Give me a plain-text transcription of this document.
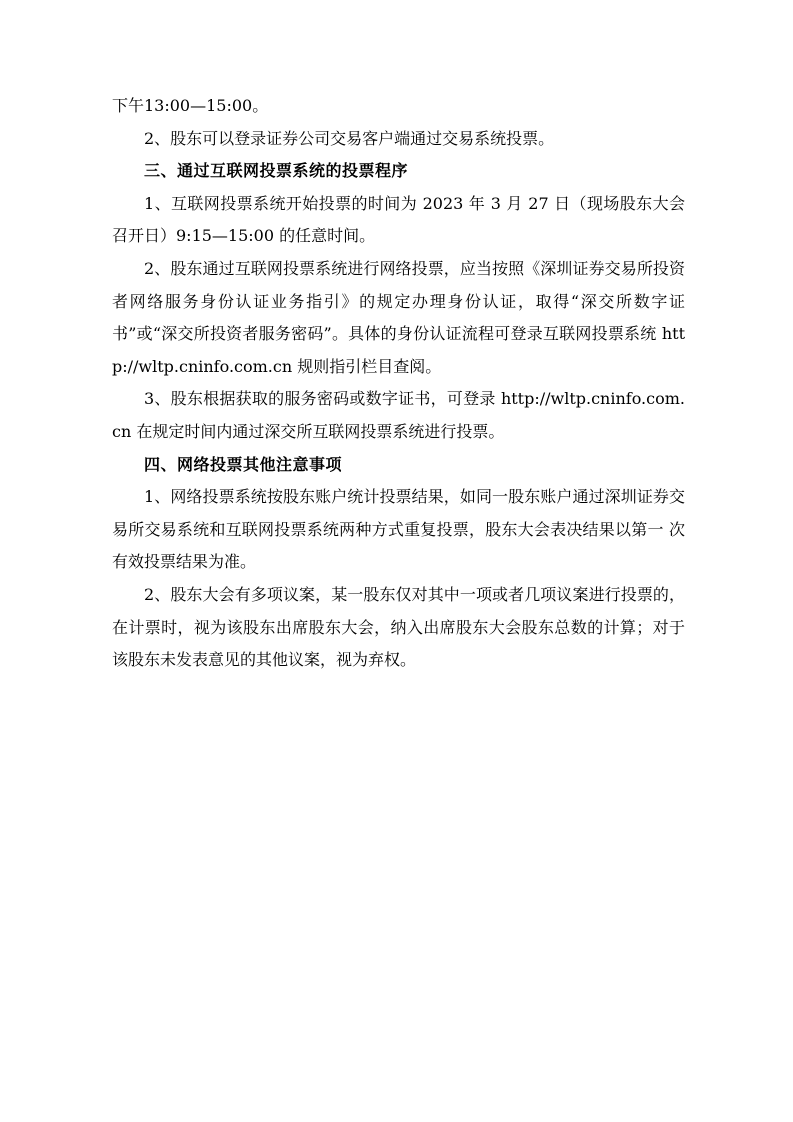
下午13:00—15:00。

2、股东可以登录证券公司交易客户端通过交易系统投票。

三、通过互联网投票系统的投票程序

1、互联网投票系统开始投票的时间为 2023 年 3 月 27 日（现场股东大会召开日）9:15—15:00 的任意时间。

2、股东通过互联网投票系统进行网络投票，应当按照《深圳证券交易所投资者网络服务身份认证业务指引》的规定办理身份认证，取得“深交所数字证书”或“深交所投资者服务密码”。具体的身份认证流程可登录互联网投票系统 http://wltp.cninfo.com.cn 规则指引栏目查阅。

3、股东根据获取的服务密码或数字证书，可登录 http://wltp.cninfo.com.cn 在规定时间内通过深交所互联网投票系统进行投票。

四、网络投票其他注意事项

1、网络投票系统按股东账户统计投票结果，如同一股东账户通过深圳证券交易所交易系统和互联网投票系统两种方式重复投票，股东大会表决结果以第一 次有效投票结果为准。

2、股东大会有多项议案，某一股东仅对其中一项或者几项议案进行投票的，在计票时，视为该股东出席股东大会，纳入出席股东大会股东总数的计算；对于该股东未发表意见的其他议案，视为弃权。
